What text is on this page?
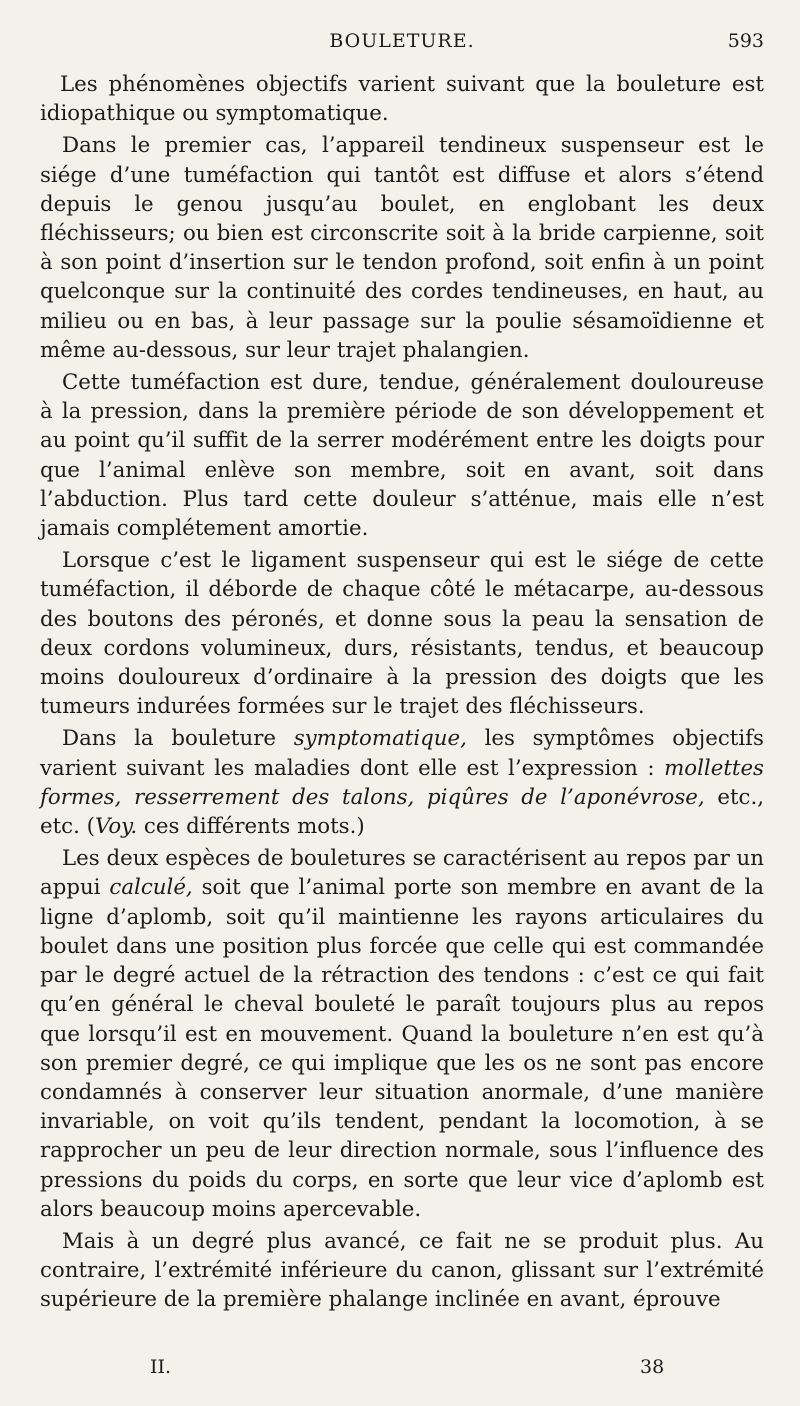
BOULETURE.	593

Les phénomènes objectifs varient suivant que la bouleture est idiopathique ou symptomatique.

Dans le premier cas, l’appareil tendineux suspenseur est le siége d’une tuméfaction qui tantôt est diffuse et alors s’étend depuis le genou jusqu’au boulet, en englobant les deux fléchisseurs; ou bien est circonscrite soit à la bride carpienne, soit à son point d’insertion sur le tendon profond, soit enfin à un point quelconque sur la continuité des cordes tendineuses, en haut, au milieu ou en bas, à leur passage sur la poulie sésamoïdienne et même au-dessous, sur leur trajet phalangien.

Cette tuméfaction est dure, tendue, généralement douloureuse à la pression, dans la première période de son développement et au point qu’il suffit de la serrer modérément entre les doigts pour que l’animal enlève son membre, soit en avant, soit dans l’abduction. Plus tard cette douleur s’atténue, mais elle n’est jamais complétement amortie.

Lorsque c’est le ligament suspenseur qui est le siége de cette tuméfaction, il déborde de chaque côté le métacarpe, au-dessous des boutons des péronés, et donne sous la peau la sensation de deux cordons volumineux, durs, résistants, tendus, et beaucoup moins douloureux d’ordinaire à la pression des doigts que les tumeurs indurées formées sur le trajet des fléchisseurs.

Dans la bouleture symptomatique, les symptômes objectifs varient suivant les maladies dont elle est l’expression : mollettes formes, resserrement des talons, piqûres de l’aponévrose, etc., etc. (Voy. ces différents mots.)

Les deux espèces de bouletures se caractérisent au repos par un appui calculé, soit que l’animal porte son membre en avant de la ligne d’aplomb, soit qu’il maintienne les rayons articulaires du boulet dans une position plus forcée que celle qui est commandée par le degré actuel de la rétraction des tendons : c’est ce qui fait qu’en général le cheval bouleté le paraît toujours plus au repos que lorsqu’il est en mouvement. Quand la bouleture n’en est qu’à son premier degré, ce qui implique que les os ne sont pas encore condamnés à conserver leur situation anormale, d’une manière invariable, on voit qu’ils tendent, pendant la locomotion, à se rapprocher un peu de leur direction normale, sous l’influence des pressions du poids du corps, en sorte que leur vice d’aplomb est alors beaucoup moins apercevable.

Mais à un degré plus avancé, ce fait ne se produit plus. Au contraire, l’extrémité inférieure du canon, glissant sur l’extrémité supérieure de la première phalange inclinée en avant, éprouve

II.	38
